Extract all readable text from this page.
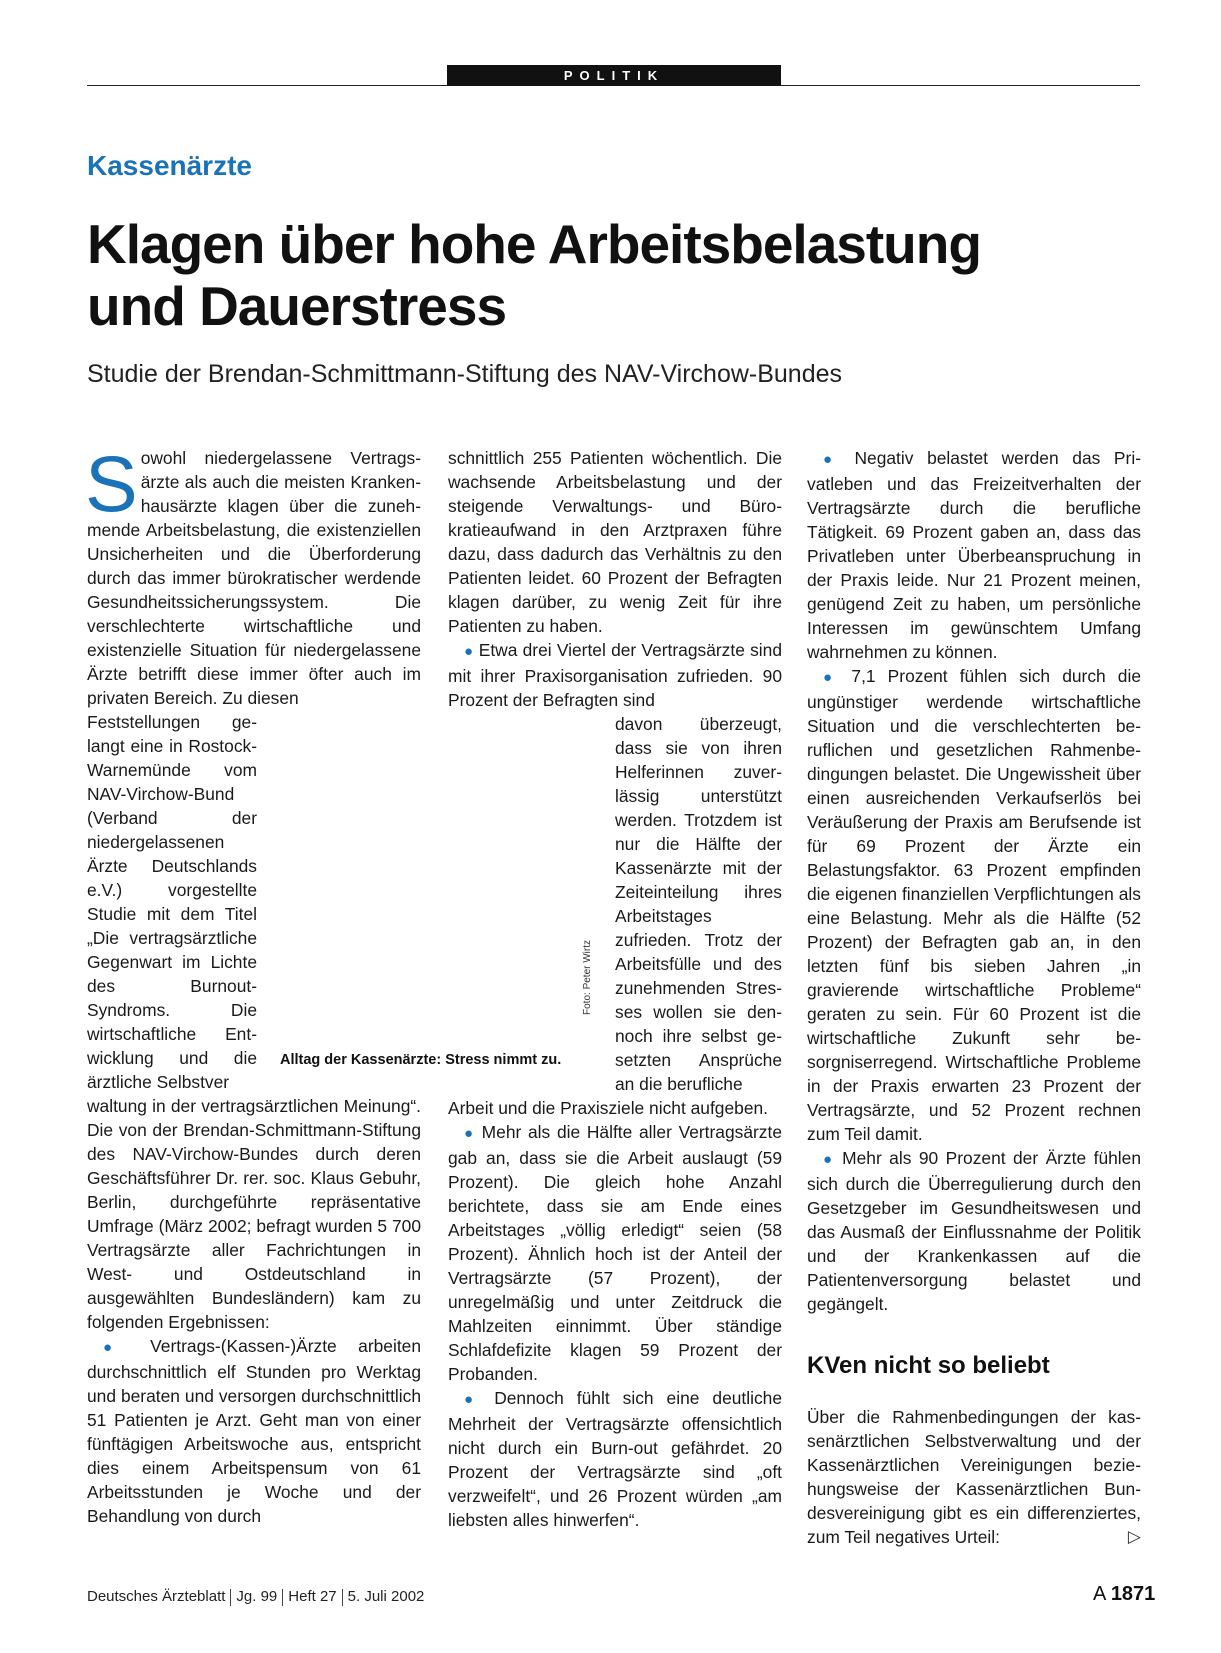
POLITIK
Kassenärzte
Klagen über hohe Arbeitsbelastung
und Dauerstress
Studie der Brendan-Schmittmann-Stiftung des NAV-Virchow-Bundes

Sowohl niedergelassene Vertragsärzte als auch die meisten Krankenhausärzte klagen über die zunehmende Arbeitsbelastung, die existenziellen Unsicherheiten und die Überforderung durch das immer bürokratischer werdende Gesundheitssicherungssystem. Die verschlechterte wirtschaftliche und existenzielle Situation für niedergelassene Ärzte betrifft diese immer öfter auch im privaten Bereich. Zu diesen

Feststellungen gelangt eine in Rostock-Warnemünde vom NAV-Virchow-Bund (Verband der niedergelassenen Ärzte Deutschlands e.V.) vorgestellte Studie mit dem Titel „Die vertragsärztliche Gegenwart im Lichte des Burnout-Syndroms. Die wirtschaftliche Entwicklung und die ärztliche Selbstver

waltung in der vertragsärztlichen Meinung“. Die von der Brendan-Schmittmann-Stiftung des NAV-Virchow-Bundes durch deren Geschäftsführer Dr. rer. soc. Klaus Gebuhr, Berlin, durchgeführte repräsentative Umfrage (März 2002; befragt wurden 5 700 Vertragsärzte aller Fachrichtungen in West- und Ostdeutschland in ausgewählten Bundesländern) kam zu folgenden Ergebnissen:

● Vertrags-(Kassen-)Ärzte arbeiten durchschnittlich elf Stunden pro Werktag und beraten und versorgen durchschnittlich 51 Patienten je Arzt. Geht man von einer fünftägigen Arbeitswoche aus, entspricht dies einem Arbeitspensum von 61 Arbeitsstunden je Woche und der Behandlung von durch

schnittlich 255 Patienten wöchentlich. Die wachsende Arbeitsbelastung und der steigende Verwaltungs- und Bürokratieaufwand in den Arztpraxen führe dazu, dass dadurch das Verhältnis zu den Patienten leidet. 60 Prozent der Befragten klagen darüber, zu wenig Zeit für ihre Patienten zu haben.

● Etwa drei Viertel der Vertragsärzte sind mit ihrer Praxisorganisation zufrieden. 90 Prozent der Befragten sind

davon überzeugt, dass sie von ihren Helferinnen zuverlässig unterstützt werden. Trotzdem ist nur die Hälfte der Kassenärzte mit der Zeiteinteilung ihres Arbeitstages zufrieden. Trotz der Arbeitsfülle und des zunehmenden Stresses wollen sie dennoch ihre selbst gesetzten Ansprüche an die berufliche

Arbeit und die Praxisziele nicht aufgeben.

● Mehr als die Hälfte aller Vertragsärzte gab an, dass sie die Arbeit auslaugt (59 Prozent). Die gleich hohe Anzahl berichtete, dass sie am Ende eines Arbeitstages „völlig erledigt“ seien (58 Prozent). Ähnlich hoch ist der Anteil der Vertragsärzte (57 Prozent), der unregelmäßig und unter Zeitdruck die Mahlzeiten einnimmt. Über ständige Schlafdefizite klagen 59 Prozent der Probanden.

● Dennoch fühlt sich eine deutliche Mehrheit der Vertragsärzte offensichtlich nicht durch ein Burn-out gefährdet. 20 Prozent der Vertragsärzte sind „oft verzweifelt“, und 26 Prozent würden „am liebsten alles hinwerfen“.

Foto: Peter Wirtz
Alltag der Kassenärzte: Stress nimmt zu.

● Negativ belastet werden das Privatleben und das Freizeitverhalten der Vertragsärzte durch die berufliche Tätigkeit. 69 Prozent gaben an, dass das Privatleben unter Überbeanspruchung in der Praxis leide. Nur 21 Prozent meinen, genügend Zeit zu haben, um persönliche Interessen im gewünschtem Umfang wahrnehmen zu können.

● 7,1 Prozent fühlen sich durch die ungünstiger werdende wirtschaftliche Situation und die verschlechterten beruflichen und gesetzlichen Rahmenbedingungen belastet. Die Ungewissheit über einen ausreichenden Verkaufserlös bei Veräußerung der Praxis am Berufsende ist für 69 Prozent der Ärzte ein Belastungsfaktor. 63 Prozent empfinden die eigenen finanziellen Verpflichtungen als eine Belastung. Mehr als die Hälfte (52 Prozent) der Befragten gab an, in den letzten fünf bis sieben Jahren „in gravierende wirtschaftliche Probleme“ geraten zu sein. Für 60 Prozent ist die wirtschaftliche Zukunft sehr besorgniserregend. Wirtschaftliche Probleme in der Praxis erwarten 23 Prozent der Vertragsärzte, und 52 Prozent rechnen zum Teil damit.

● Mehr als 90 Prozent der Ärzte fühlen sich durch die Überregulierung durch den Gesetzgeber im Gesundheitswesen und das Ausmaß der Einflussnahme der Politik und der Krankenkassen auf die Patientenversorgung belastet und gegängelt.

KVen nicht so beliebt

Über die Rahmenbedingungen der kassenärztlichen Selbstverwaltung und der Kassenärztlichen Vereinigungen beziehungsweise der Kassenärztlichen Bundesvereinigung gibt es ein differenziertes, zum Teil negatives Urteil:	▷

Deutsches Ärzteblatt Jg. 99 Heft 27 5. Juli 2002	A 1871
